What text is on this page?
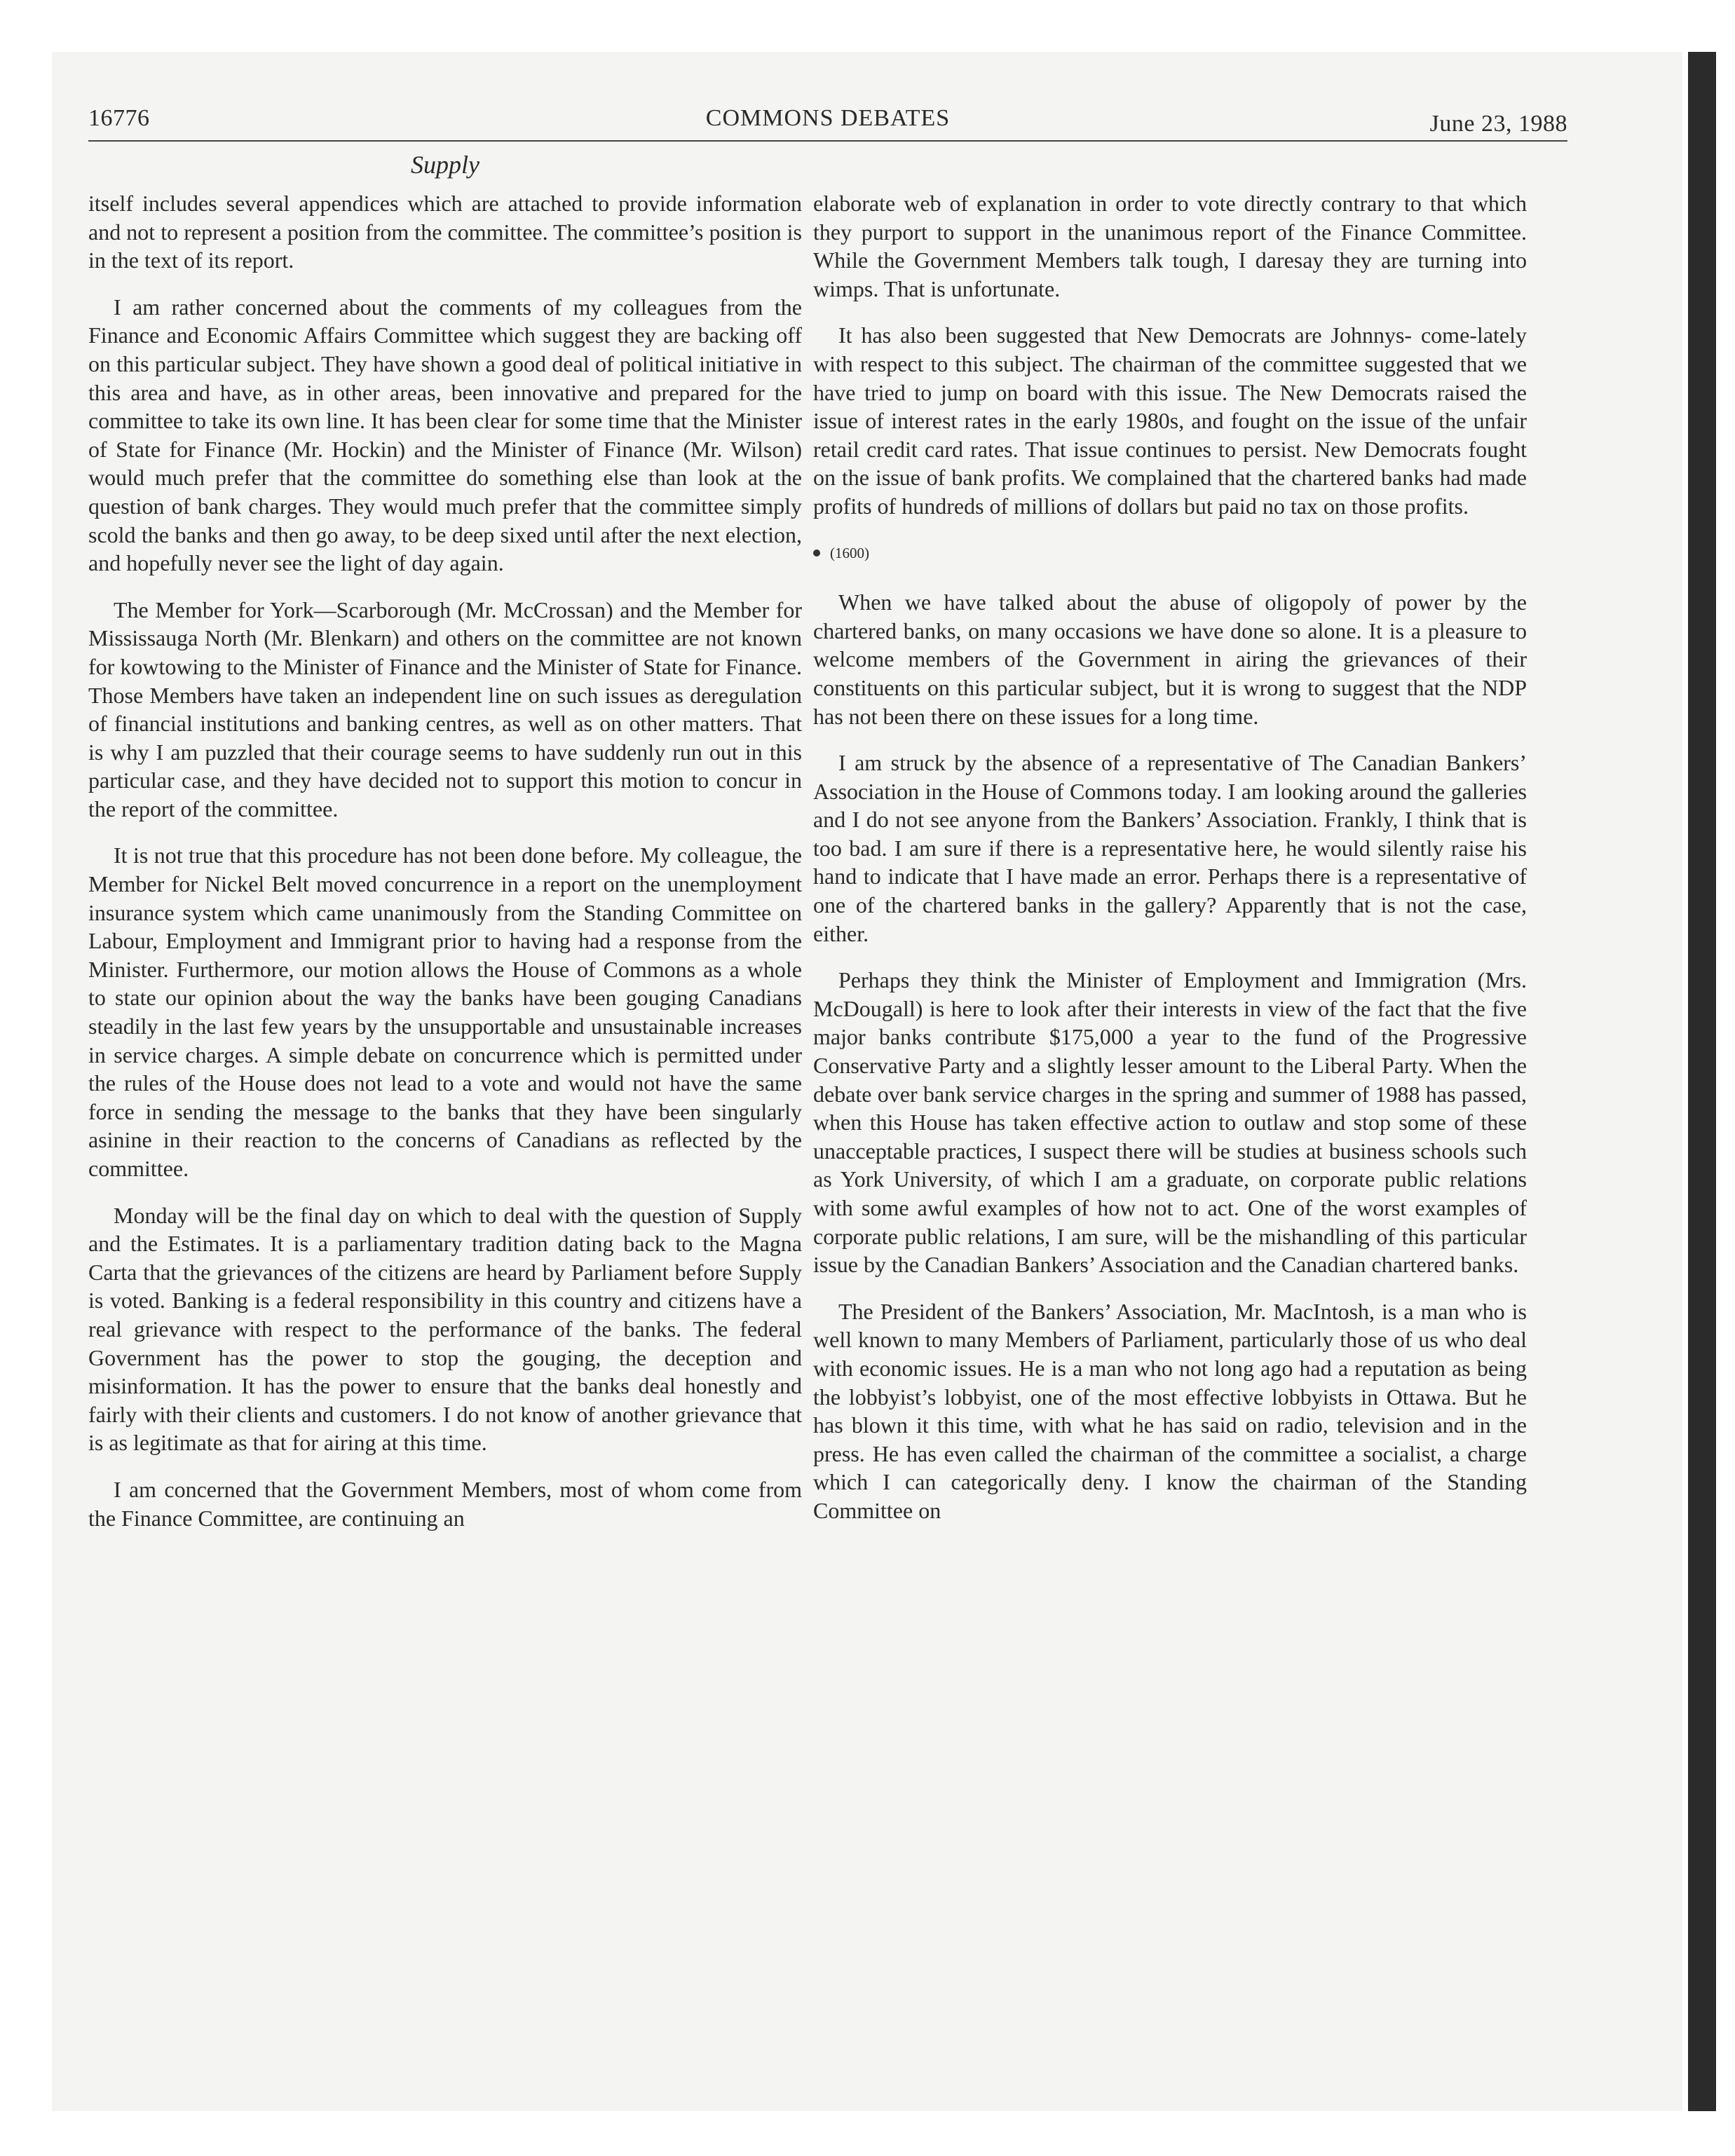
16776	COMMONS DEBATES	June 23, 1988
Supply

itself includes several appendices which are attached to provide information and not to represent a position from the committee. The committee’s position is in the text of its report.

I am rather concerned about the comments of my colleagues from the Finance and Economic Affairs Committee which suggest they are backing off on this particular subject. They have shown a good deal of political initiative in this area and have, as in other areas, been innovative and prepared for the committee to take its own line. It has been clear for some time that the Minister of State for Finance (Mr. Hockin) and the Minister of Finance (Mr. Wilson) would much prefer that the committee do something else than look at the question of bank charges. They would much prefer that the committee simply scold the banks and then go away, to be deep sixed until after the next election, and hopefully never see the light of day again.

The Member for York—Scarborough (Mr. McCrossan) and the Member for Mississauga North (Mr. Blenkarn) and others on the committee are not known for kowtowing to the Minister of Finance and the Minister of State for Finance. Those Members have taken an independent line on such issues as deregulation of financial institutions and banking centres, as well as on other matters. That is why I am puzzled that their courage seems to have suddenly run out in this particular case, and they have decided not to support this motion to concur in the report of the committee.

It is not true that this procedure has not been done before. My colleague, the Member for Nickel Belt moved concurrence in a report on the unemployment insurance system which came unanimously from the Standing Committee on Labour, Employment and Immigrant prior to having had a response from the Minister. Furthermore, our motion allows the House of Commons as a whole to state our opinion about the way the banks have been gouging Canadians steadily in the last few years by the unsupportable and unsustainable increases in service charges. A simple debate on concurrence which is permitted under the rules of the House does not lead to a vote and would not have the same force in sending the message to the banks that they have been singularly asinine in their reaction to the concerns of Canadians as reflected by the committee.

Monday will be the final day on which to deal with the question of Supply and the Estimates. It is a parliamentary tradition dating back to the Magna Carta that the grievances of the citizens are heard by Parliament before Supply is voted. Banking is a federal responsibility in this country and citizens have a real grievance with respect to the performance of the banks. The federal Government has the power to stop the gouging, the deception and misinformation. It has the power to ensure that the banks deal honestly and fairly with their clients and customers. I do not know of another grievance that is as legitimate as that for airing at this time.

I am concerned that the Government Members, most of whom come from the Finance Committee, are continuing an

elaborate web of explanation in order to vote directly contrary to that which they purport to support in the unanimous report of the Finance Committee. While the Government Members talk tough, I daresay they are turning into wimps. That is unfortunate.

It has also been suggested that New Democrats are Johnnys- come-lately with respect to this subject. The chairman of the committee suggested that we have tried to jump on board with this issue. The New Democrats raised the issue of interest rates in the early 1980s, and fought on the issue of the unfair retail credit card rates. That issue continues to persist. New Democrats fought on the issue of bank profits. We complained that the chartered banks had made profits of hundreds of millions of dollars but paid no tax on those profits.

(1600)

When we have talked about the abuse of oligopoly of power by the chartered banks, on many occasions we have done so alone. It is a pleasure to welcome members of the Government in airing the grievances of their constituents on this particular subject, but it is wrong to suggest that the NDP has not been there on these issues for a long time.

I am struck by the absence of a representative of The Canadian Bankers’ Association in the House of Commons today. I am looking around the galleries and I do not see anyone from the Bankers’ Association. Frankly, I think that is too bad. I am sure if there is a representative here, he would silently raise his hand to indicate that I have made an error. Perhaps there is a representative of one of the chartered banks in the gallery? Apparently that is not the case, either.

Perhaps they think the Minister of Employment and Immigration (Mrs. McDougall) is here to look after their interests in view of the fact that the five major banks contribute $175,000 a year to the fund of the Progressive Conservative Party and a slightly lesser amount to the Liberal Party. When the debate over bank service charges in the spring and summer of 1988 has passed, when this House has taken effective action to outlaw and stop some of these unacceptable practices, I suspect there will be studies at business schools such as York University, of which I am a graduate, on corporate public relations with some awful examples of how not to act. One of the worst examples of corporate public relations, I am sure, will be the mishandling of this particular issue by the Canadian Bankers’ Association and the Canadian chartered banks.

The President of the Bankers’ Association, Mr. MacIntosh, is a man who is well known to many Members of Parliament, particularly those of us who deal with economic issues. He is a man who not long ago had a reputation as being the lobbyist’s lobbyist, one of the most effective lobbyists in Ottawa. But he has blown it this time, with what he has said on radio, television and in the press. He has even called the chairman of the committee a socialist, a charge which I can categorically deny. I know the chairman of the Standing Committee on
